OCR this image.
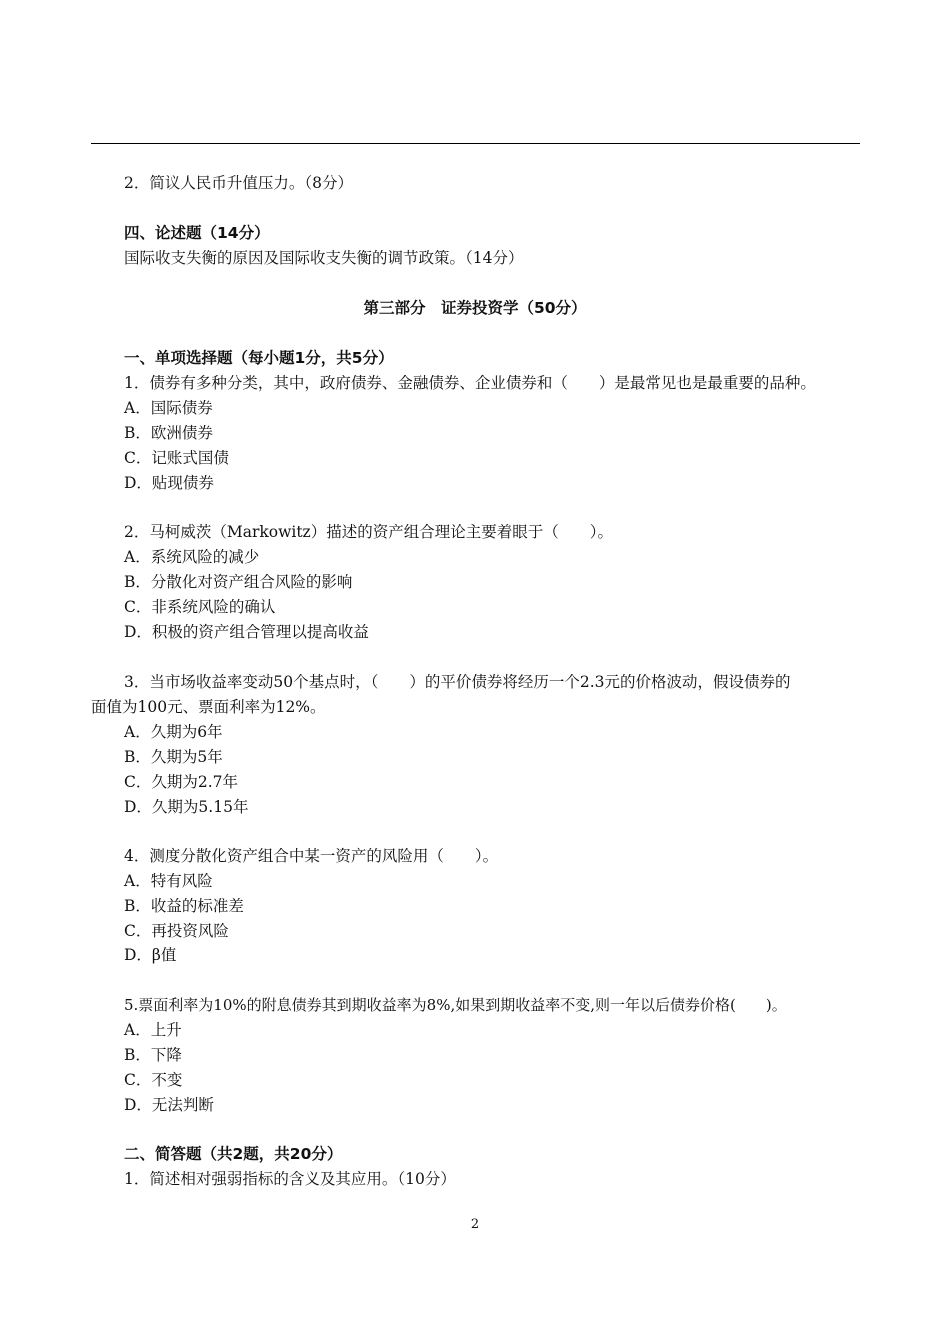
2．简议人民币升值压力。（8分）
四、论述题（14分）
国际收支失衡的原因及国际收支失衡的调节政策。（14分）
第三部分　证券投资学（50分）
一、单项选择题（每小题1分，共5分）
1．债券有多种分类，其中，政府债券、金融债券、企业债券和（　　）是最常见也是最重要的品种。
A．国际债券
B．欧洲债券
C．记账式国债
D．贴现债券
2．马柯威茨（Markowitz）描述的资产组合理论主要着眼于（　　）。
A．系统风险的减少
B．分散化对资产组合风险的影响
C．非系统风险的确认
D．积极的资产组合管理以提高收益
3．当市场收益率变动50个基点时，（　　）的平价债券将经历一个2.3元的价格波动，假设债券的
面值为100元、票面利率为12%。
A．久期为6年
B．久期为5年
C．久期为2.7年
D．久期为5.15年
4．测度分散化资产组合中某一资产的风险用（　　）。
A．特有风险
B．收益的标准差
C．再投资风险
D．β值
5.票面利率为10%的附息债券其到期收益率为8%,如果到期收益率不变,则一年以后债券价格(　　)。
A．上升
B．下降
C．不变
D．无法判断
二、简答题（共2题，共20分）
1．简述相对强弱指标的含义及其应用。（10分）
2
